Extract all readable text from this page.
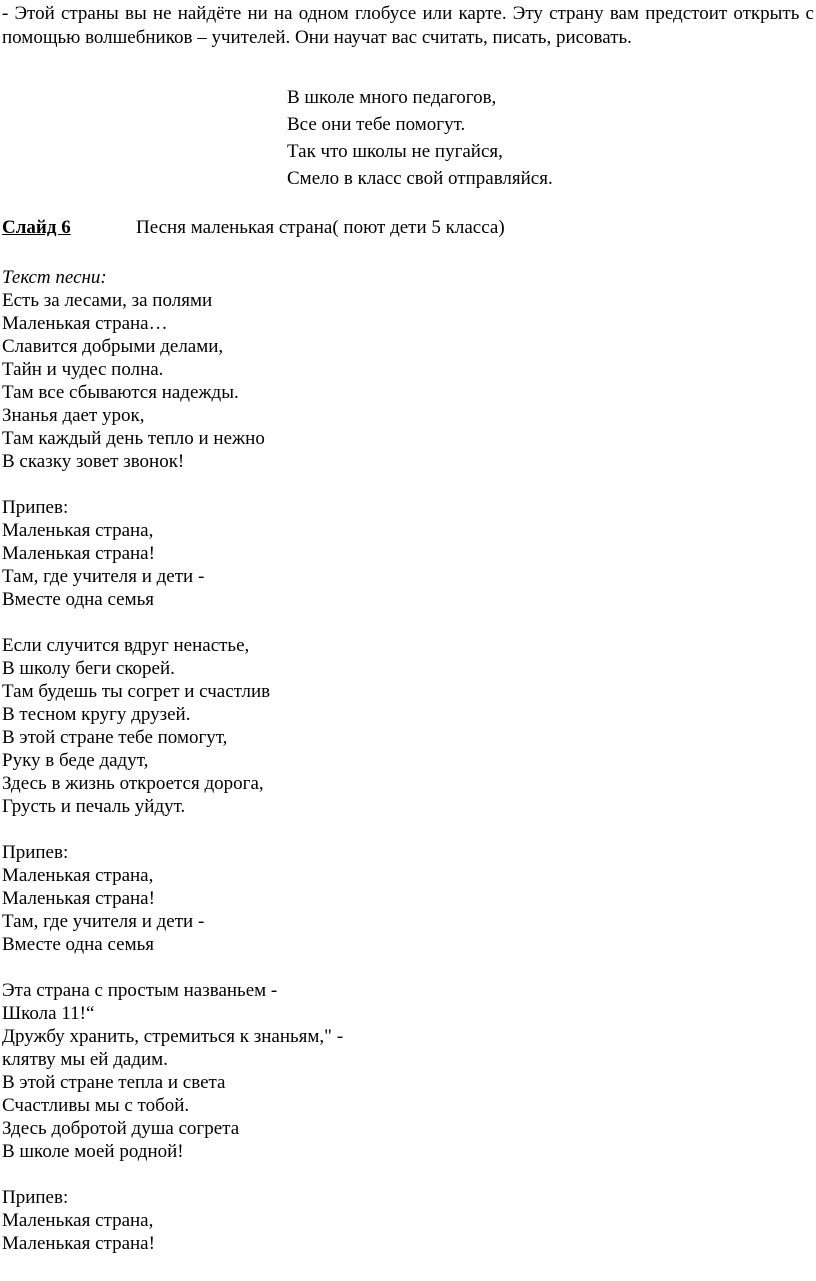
- Этой страны вы не найдёте ни на одном глобусе или карте. Эту страну вам предстоит открыть с помощью волшебников – учителей. Они научат вас считать, писать, рисовать.
В школе много педагогов,
Все они тебе помогут.
Так что школы не пугайся,
Смело в класс свой отправляйся.
Слайд 6	Песня маленькая страна( поют дети 5 класса)
Текст песни:
Есть за лесами, за полями
Маленькая страна…
Славится добрыми делами,
Тайн и чудес полна.
Там все сбываются надежды.
Знанья дает урок,
Там каждый день тепло и нежно
В сказку зовет звонок!
Припев:
Маленькая страна,
Маленькая страна!
Там, где учителя и дети -
Вместе одна семья
Если случится вдруг ненастье,
В школу беги скорей.
Там будешь ты согрет и счастлив
В тесном кругу друзей.
В этой стране тебе помогут,
Руку в беде дадут,
Здесь в жизнь откроется дорога,
Грусть и печаль уйдут.
Припев:
Маленькая страна,
Маленькая страна!
Там, где учителя и дети -
Вместе одна семья
Эта страна с простым названьем -
Школа 11!“
Дружбу хранить, стремиться к знаньям," -
клятву мы ей дадим.
В этой стране тепла и света
Счастливы мы с тобой.
Здесь добротой душа согрета
В школе моей родной!
Припев:
Маленькая страна,
Маленькая страна!
